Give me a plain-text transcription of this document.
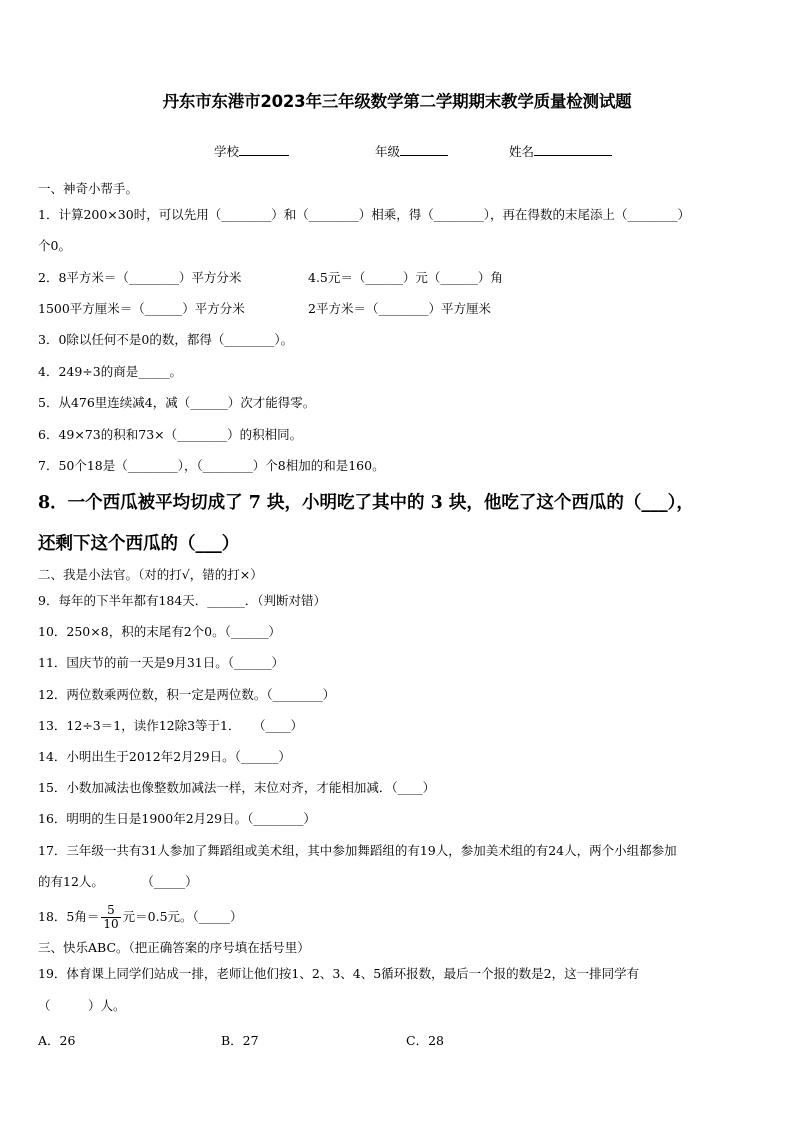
丹东市东港市2023年三年级数学第二学期期末教学质量检测试题
学校	年级	姓名
一、神奇小帮手。
1．计算200×30时，可以先用（________）和（________）相乘，得（________），再在得数的末尾添上（________）
个0。
2．8平方米＝（________）平方分米	4.5元＝（______）元（______）角
1500平方厘米＝（______）平方分米	2平方米＝（________）平方厘米
3．0除以任何不是0的数，都得（________）。
4．249÷3的商是_____。
5．从476里连续减4，减（______）次才能得零。
6．49×73的积和73×（________）的积相同。
7．50个18是（________），（________）个8相加的和是160。
8．一个西瓜被平均切成了 7 块，小明吃了其中的 3 块，他吃了这个西瓜的（___），
还剩下这个西瓜的（___）
二、我是小法官。（对的打√，错的打×）
9．每年的下半年都有184天．______．（判断对错）
10．250×8，积的末尾有2个0。（______）
11．国庆节的前一天是9月31日。（______）
12．两位数乘两位数，积一定是两位数。（________）
13．12÷3＝1，读作12除3等于1．　　（____）
14．小明出生于2012年2月29日。（______）
15．小数加减法也像整数加减法一样，末位对齐，才能相加减．（____）
16．明明的生日是1900年2月29日。（________）
17．三年级一共有31人参加了舞蹈组或美术组，其中参加舞蹈组的有19人，参加美术组的有24人，两个小组都参加
的有12人。　　　　（_____）
18．5角＝ $\frac{5}{10}$ 元＝0.5元。（_____）
三、快乐ABC。（把正确答案的序号填在括号里）
19．体育课上同学们站成一排，老师让他们按1、2、3、4、5循环报数，最后一个报的数是2，这一排同学有
（　　　）人。
A．26	B．27	C．28
